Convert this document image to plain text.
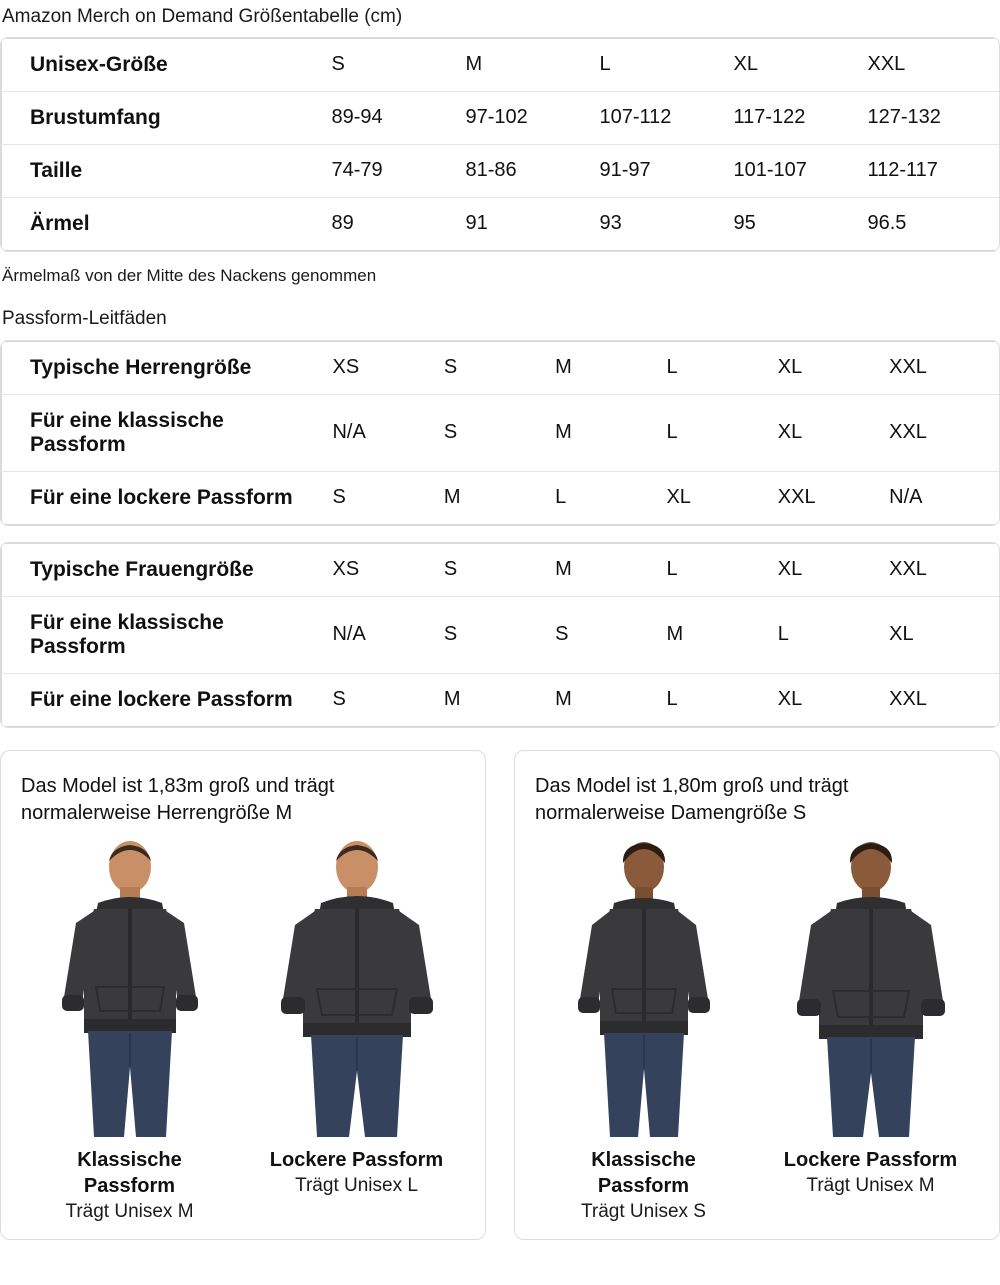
Amazon Merch on Demand Größentabelle (cm)
Unisex-Größe	S	M	L	XL	XXL
Brustumfang	89-94	97-102	107-112	117-122	127-132
Taille	74-79	81-86	91-97	101-107	112-117
Ärmel	89	91	93	95	96.5
Ärmelmaß von der Mitte des Nackens genommen
Passform-Leitfäden
Typische Herrengröße	XS	S	M	L	XL	XXL
Für eine klassische Passform	N/A	S	M	L	XL	XXL
Für eine lockere Passform	S	M	L	XL	XXL	N/A
Typische Frauengröße	XS	S	M	L	XL	XXL
Für eine klassische Passform	N/A	S	S	M	L	XL
Für eine lockere Passform	S	M	M	L	XL	XXL
Das Model ist 1,83m groß und trägt normalerweise Herrengröße M
Klassische Passform
Trägt Unisex M
Lockere Passform
Trägt Unisex L
Das Model ist 1,80m groß und trägt normalerweise Damengröße S
Klassische Passform
Trägt Unisex S
Lockere Passform
Trägt Unisex M
